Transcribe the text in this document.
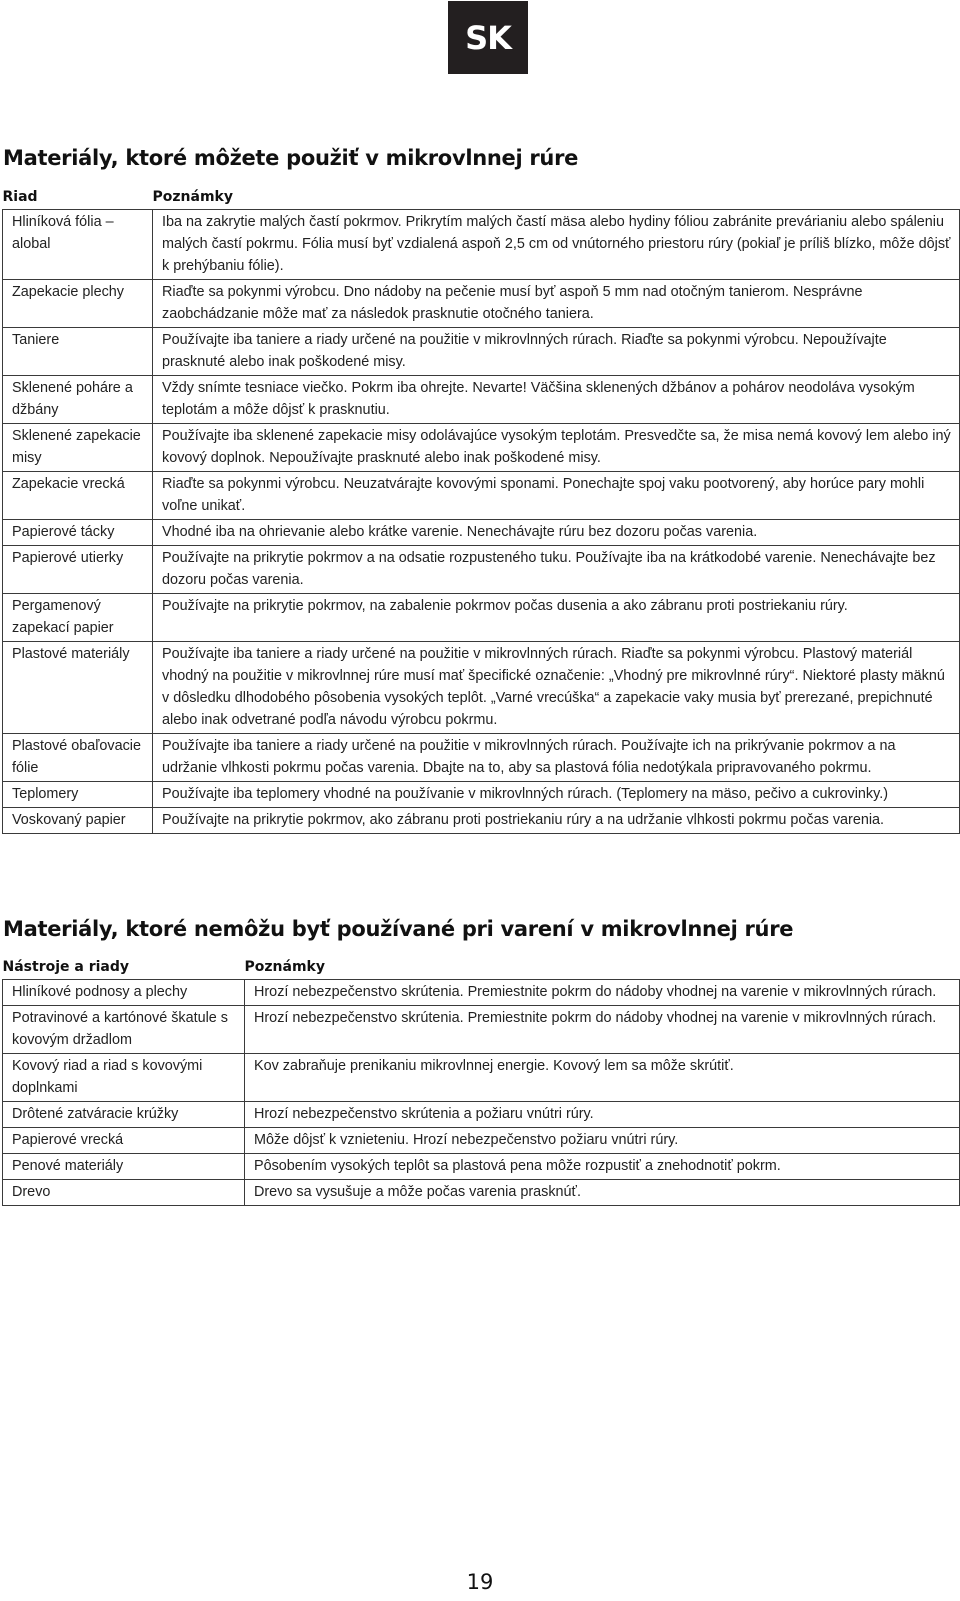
SK
Materiály, ktoré môžete použiť v mikrovlnnej rúre
Riad	Poznámky
Hliníková fólia – alobal	Iba na zakrytie malých častí pokrmov. Prikrytím malých častí mäsa alebo hydiny fóliou zabránite prevárianiu alebo spáleniu malých častí pokrmu. Fólia musí byť vzdialená aspoň 2,5 cm od vnútorného priestoru rúry (pokiaľ je príliš blízko, môže dôjsť k prehýbaniu fólie).
Zapekacie plechy	Riaďte sa pokynmi výrobcu. Dno nádoby na pečenie musí byť aspoň 5 mm nad otočným tanierom. Nesprávne zaobchádzanie môže mať za následok prasknutie otočného taniera.
Taniere	Používajte iba taniere a riady určené na použitie v mikrovlnných rúrach. Riaďte sa pokynmi výrobcu. Nepoužívajte prasknuté alebo inak poškodené misy.
Sklenené poháre a džbány	Vždy snímte tesniace viečko. Pokrm iba ohrejte. Nevarte! Väčšina sklenených džbánov a pohárov neodoláva vysokým teplotám a môže dôjsť k prasknutiu.
Sklenené zapekacie misy	Používajte iba sklenené zapekacie misy odolávajúce vysokým teplotám. Presvedčte sa, že misa nemá kovový lem alebo iný kovový doplnok. Nepoužívajte prasknuté alebo inak poškodené misy.
Zapekacie vrecká	Riaďte sa pokynmi výrobcu. Neuzatvárajte kovovými sponami. Ponechajte spoj vaku pootvorený, aby horúce pary mohli voľne unikať.
Papierové tácky	Vhodné iba na ohrievanie alebo krátke varenie. Nenechávajte rúru bez dozoru počas varenia.
Papierové utierky	Používajte na prikrytie pokrmov a na odsatie rozpusteného tuku. Používajte iba na krátkodobé varenie. Nenechávajte bez dozoru počas varenia.
Pergamenový zapekací papier	Používajte na prikrytie pokrmov, na zabalenie pokrmov počas dusenia a ako zábranu proti postriekaniu rúry.
Plastové materiály	Používajte iba taniere a riady určené na použitie v mikrovlnných rúrach. Riaďte sa pokynmi výrobcu. Plastový materiál vhodný na použitie v mikrovlnnej rúre musí mať špecifické označenie: „Vhodný pre mikrovlnné rúry“. Niektoré plasty mäknú v dôsledku dlhodobého pôsobenia vysokých teplôt. „Varné vrecúška“ a zapekacie vaky musia byť prerezané, prepichnuté alebo inak odvetrané podľa návodu výrobcu pokrmu.
Plastové obaľovacie fólie	Používajte iba taniere a riady určené na použitie v mikrovlnných rúrach. Používajte ich na prikrývanie pokrmov a na udržanie vlhkosti pokrmu počas varenia. Dbajte na to, aby sa plastová fólia nedotýkala pripravovaného pokrmu.
Teplomery	Používajte iba teplomery vhodné na používanie v mikrovlnných rúrach. (Teplomery na mäso, pečivo a cukrovinky.)
Voskovaný papier	Používajte na prikrytie pokrmov, ako zábranu proti postriekaniu rúry a na udržanie vlhkosti pokrmu počas varenia.
Materiály, ktoré nemôžu byť používané pri varení v mikrovlnnej rúre
Nástroje a riady	Poznámky
Hliníkové podnosy a plechy	Hrozí nebezpečenstvo skrútenia. Premiestnite pokrm do nádoby vhodnej na varenie v mikrovlnných rúrach.
Potravinové a kartónové škatule s kovovým držadlom	Hrozí nebezpečenstvo skrútenia. Premiestnite pokrm do nádoby vhodnej na varenie v mikrovlnných rúrach.
Kovový riad a riad s kovovými doplnkami	Kov zabraňuje prenikaniu mikrovlnnej energie. Kovový lem sa môže skrútiť.
Drôtené zatváracie krúžky	Hrozí nebezpečenstvo skrútenia a požiaru vnútri rúry.
Papierové vrecká	Môže dôjsť k vznieteniu. Hrozí nebezpečenstvo požiaru vnútri rúry.
Penové materiály	Pôsobením vysokých teplôt sa plastová pena môže rozpustiť a znehodnotiť pokrm.
Drevo	Drevo sa vysušuje a môže počas varenia prasknúť.
19
